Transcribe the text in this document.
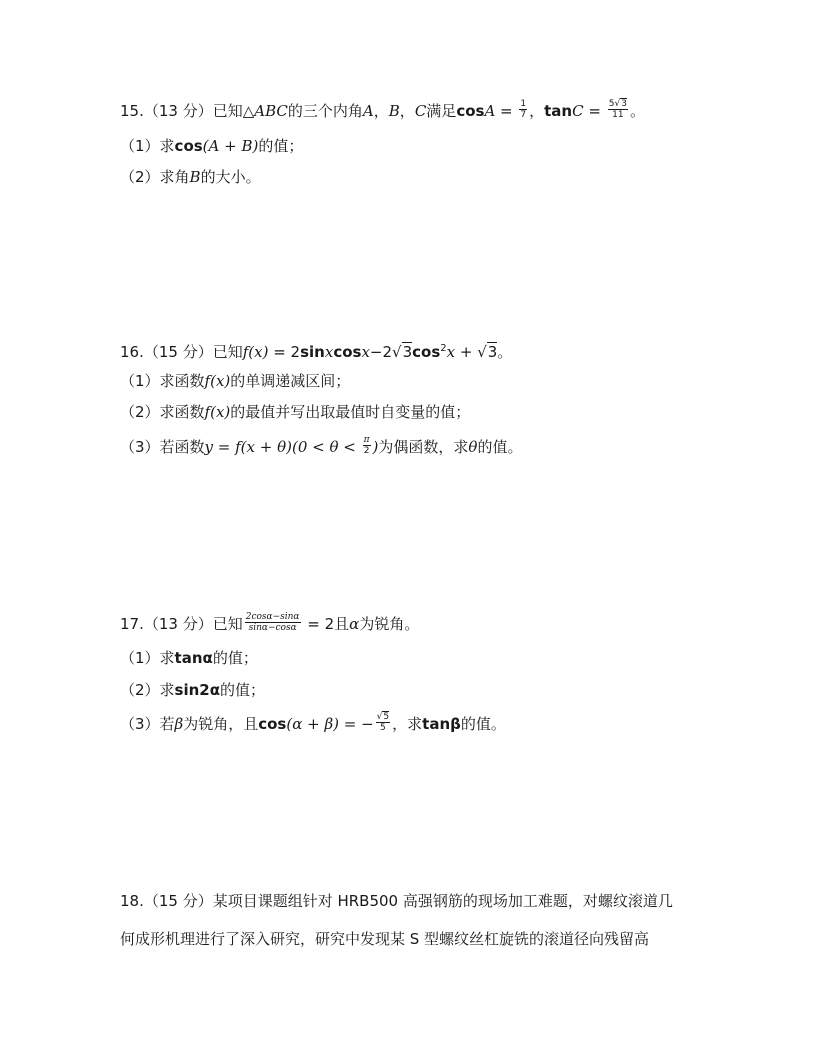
15.（13 分）已知△ABC的三个内角A，B，C满足$\cos A = \frac{1}{7}$ ，$\tan C = \frac{5√3}{11}$ 。
（1）求cos(A + B)的值；
（2）求角B的大小。
16.（15 分）已知$f(x) = 2sinxcosx-2√3\cos^2x + √3$。
（1）求函数f(x)的单调递减区间；
（2）求函数f(x)的最值并写出取最值时自变量的值；
（3）若函数$y = f(x + \theta)(0 < \theta < \frac{\pi}{2}$ )为偶函数，求θ的值。
17.（13 分）已知 $\frac{2\cos\alpha-\sin\alpha}{\sin\alpha-\cos\alpha} = 2$且α为锐角。
（1）求tanα的值；
（2）求sin2α的值；
（3）若β为锐角，且cos(α + β) = − $\frac{√5}{5}$ ，求tanβ的值。
18.（15 分）某项目课题组针对 HRB500 高强钢筋的现场加工难题，对螺纹滚道几
何成形机理进行了深入研究，研究中发现某 S 型螺纹丝杠旋铣的滚道径向残留高
